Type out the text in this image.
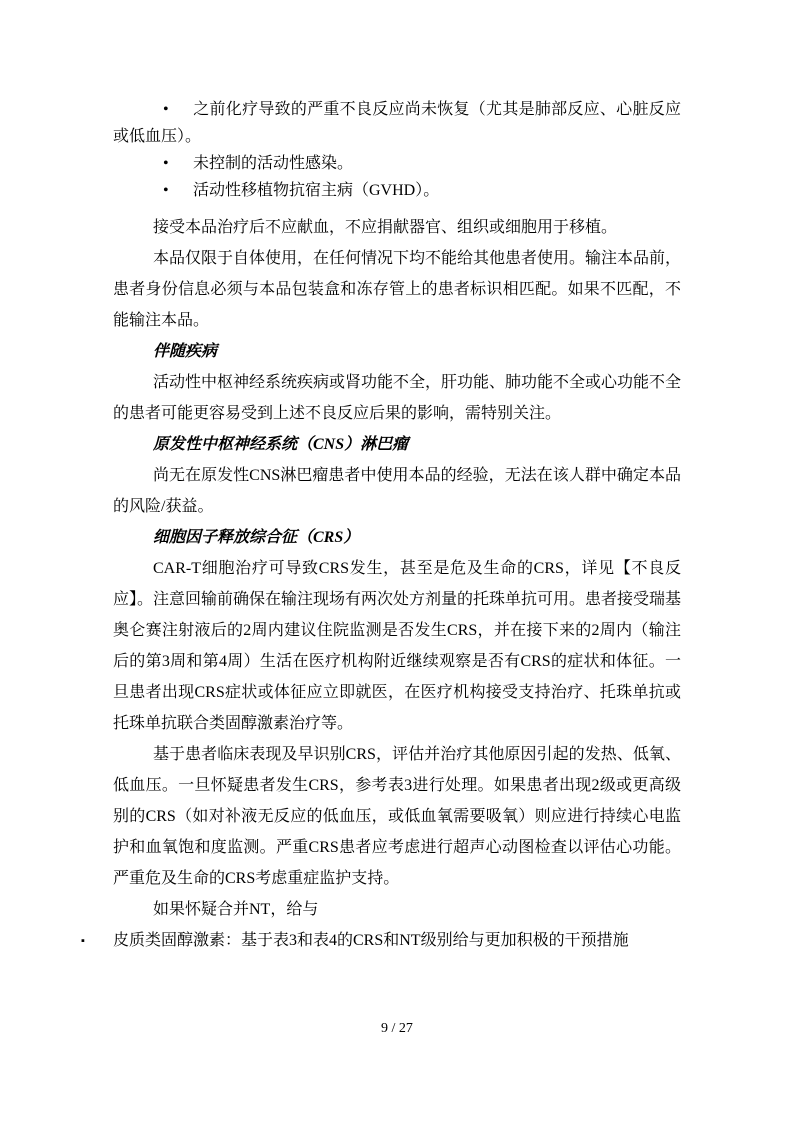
• 之前化疗导致的严重不良反应尚未恢复（尤其是肺部反应、心脏反应或低血压）。

• 未控制的活动性感染。

• 活动性移植物抗宿主病（GVHD）。

接受本品治疗后不应献血，不应捐献器官、组织或细胞用于移植。

本品仅限于自体使用，在任何情况下均不能给其他患者使用。输注本品前，患者身份信息必须与本品包装盒和冻存管上的患者标识相匹配。如果不匹配，不能输注本品。

伴随疾病

活动性中枢神经系统疾病或肾功能不全，肝功能、肺功能不全或心功能不全的患者可能更容易受到上述不良反应后果的影响，需特别关注。

原发性中枢神经系统（CNS）淋巴瘤

尚无在原发性CNS淋巴瘤患者中使用本品的经验，无法在该人群中确定本品的风险/获益。

细胞因子释放综合征（CRS）

CAR-T细胞治疗可导致CRS发生，甚至是危及生命的CRS，详见【不良反应】。注意回输前确保在输注现场有两次处方剂量的托珠单抗可用。患者接受瑞基奥仑赛注射液后的2周内建议住院监测是否发生CRS，并在接下来的2周内（输注后的第3周和第4周）生活在医疗机构附近继续观察是否有CRS的症状和体征。一旦患者出现CRS症状或体征应立即就医，在医疗机构接受支持治疗、托珠单抗或托珠单抗联合类固醇激素治疗等。

基于患者临床表现及早识别CRS，评估并治疗其他原因引起的发热、低氧、低血压。一旦怀疑患者发生CRS，参考表3进行处理。如果患者出现2级或更高级别的CRS（如对补液无反应的低血压，或低血氧需要吸氧）则应进行持续心电监护和血氧饱和度监测。严重CRS患者应考虑进行超声心动图检查以评估心功能。严重危及生命的CRS考虑重症监护支持。

如果怀疑合并NT，给与

▪ 皮质类固醇激素：基于表3和表4的CRS和NT级别给与更加积极的干预措施

9 / 27
